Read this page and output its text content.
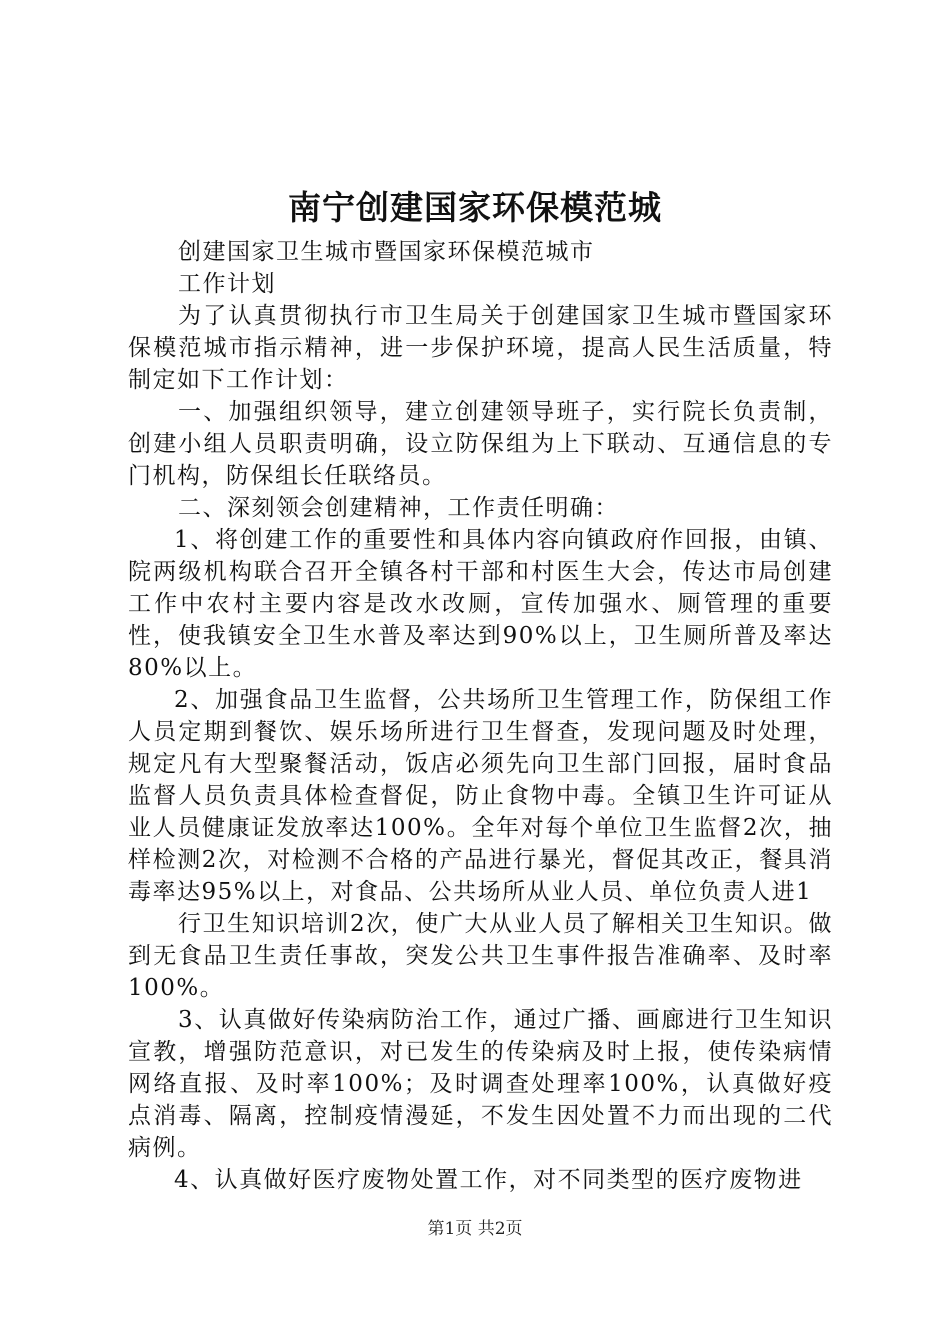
南宁创建国家环保模范城

创建国家卫生城市暨国家环保模范城市

工作计划

为了认真贯彻执行市卫生局关于创建国家卫生城市暨国家环保模范城市指示精神，进一步保护环境，提高人民生活质量，特制定如下工作计划：

一、加强组织领导，建立创建领导班子，实行院长负责制，创建小组人员职责明确，设立防保组为上下联动、互通信息的专门机构，防保组长任联络员。

二、深刻领会创建精神，工作责任明确：

1、将创建工作的重要性和具体内容向镇政府作回报，由镇、院两级机构联合召开全镇各村干部和村医生大会，传达市局创建工作中农村主要内容是改水改厕，宣传加强水、厕管理的重要性，使我镇安全卫生水普及率达到90%以上，卫生厕所普及率达80%以上。

2、加强食品卫生监督，公共场所卫生管理工作，防保组工作人员定期到餐饮、娱乐场所进行卫生督查，发现问题及时处理，规定凡有大型聚餐活动，饭店必须先向卫生部门回报，届时食品监督人员负责具体检查督促，防止食物中毒。全镇卫生许可证从业人员健康证发放率达100%。全年对每个单位卫生监督2次，抽样检测2次，对检测不合格的产品进行暴光，督促其改正，餐具消毒率达95%以上，对食品、公共场所从业人员、单位负责人进1

行卫生知识培训2次，使广大从业人员了解相关卫生知识。做到无食品卫生责任事故，突发公共卫生事件报告准确率、及时率100%。

3、认真做好传染病防治工作，通过广播、画廊进行卫生知识宣教，增强防范意识，对已发生的传染病及时上报，使传染病情网络直报、及时率100%；及时调查处理率100%，认真做好疫点消毒、隔离，控制疫情漫延，不发生因处置不力而出现的二代病例。

4、认真做好医疗废物处置工作，对不同类型的医疗废物进

第1页 共2页
